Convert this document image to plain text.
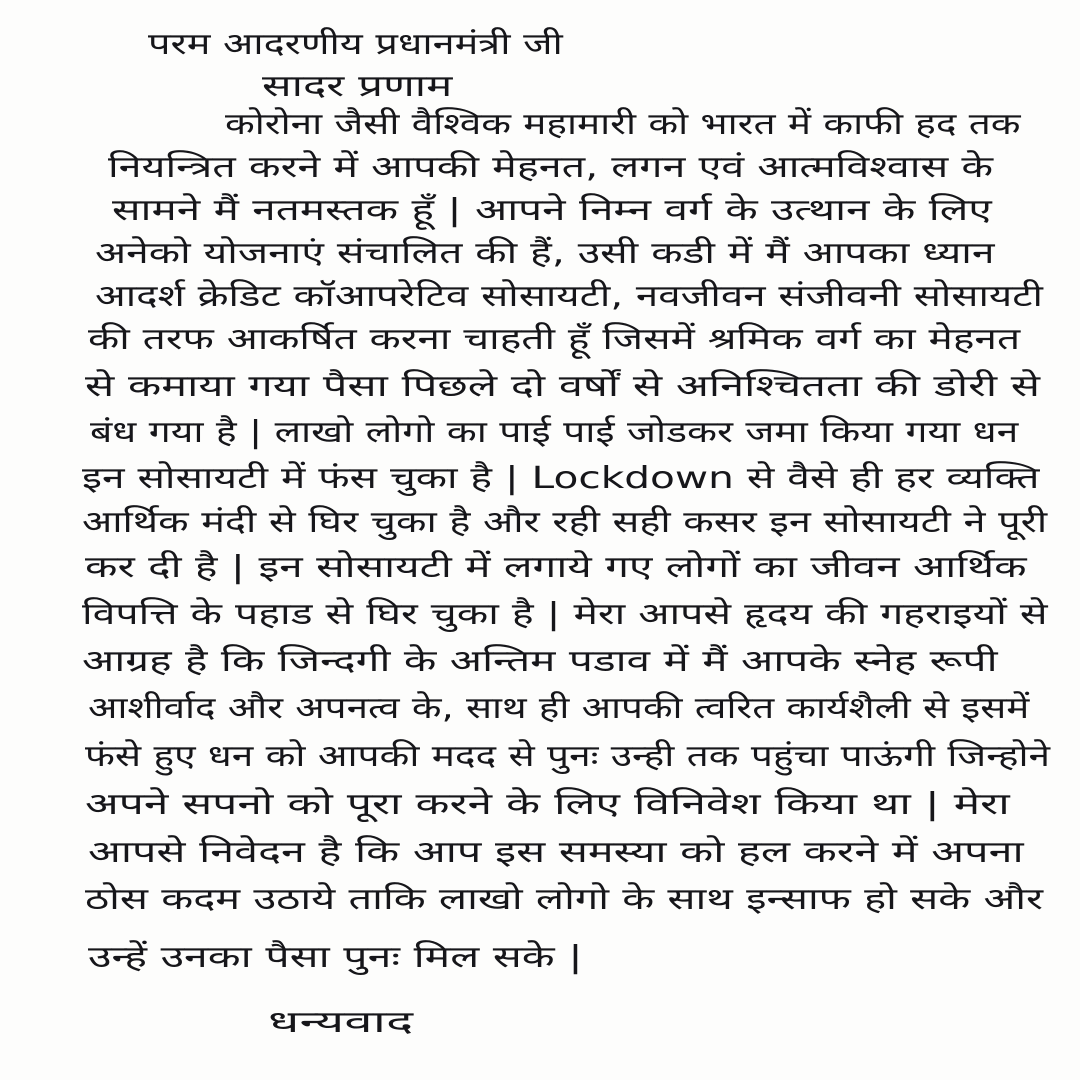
परम आदरणीय प्रधानमंत्री जी
सादर प्रणाम
कोरोना जैसी वैश्विक महामारी को भारत में काफी हद तक
नियन्त्रित करने में आपकी मेहनत, लगन एवं आत्मविश्वास के
सामने मैं नतमस्तक हूँ | आपने निम्न वर्ग के उत्थान के लिए
अनेको योजनाएं संचालित की हैं, उसी कडी में मैं आपका ध्यान
आदर्श क्रेडिट कॉआपरेटिव सोसायटी, नवजीवन संजीवनी सोसायटी
की तरफ आकर्षित करना चाहती हूँ जिसमें श्रमिक वर्ग का मेहनत
से कमाया गया पैसा पिछले दो वर्षों से अनिश्चितता की डोरी से
बंध गया है | लाखो लोगो का पाई पाई जोडकर जमा किया गया धन
इन सोसायटी में फंस चुका है | Lockdown से वैसे ही हर व्यक्ति
आर्थिक मंदी से घिर चुका है और रही सही कसर इन सोसायटी ने पूरी
कर दी है | इन सोसायटी में लगाये गए लोगों का जीवन आर्थिक
विपत्ति के पहाड से घिर चुका है | मेरा आपसे हृदय की गहराइयों से
आग्रह है कि जिन्दगी के अन्तिम पडाव में मैं आपके स्नेह रूपी
आशीर्वाद और अपनत्व के, साथ ही आपकी त्वरित कार्यशैली से इसमें
फंसे हुए धन को आपकी मदद से पुनः उन्ही तक पहुंचा पाऊंगी जिन्होने
अपने सपनो को पूरा करने के लिए विनिवेश किया था | मेरा
आपसे निवेदन है कि आप इस समस्या को हल करने में अपना
ठोस कदम उठाये ताकि लाखो लोगो के साथ इन्साफ हो सके और
उन्हें उनका पैसा पुनः मिल सके |
धन्यवाद
